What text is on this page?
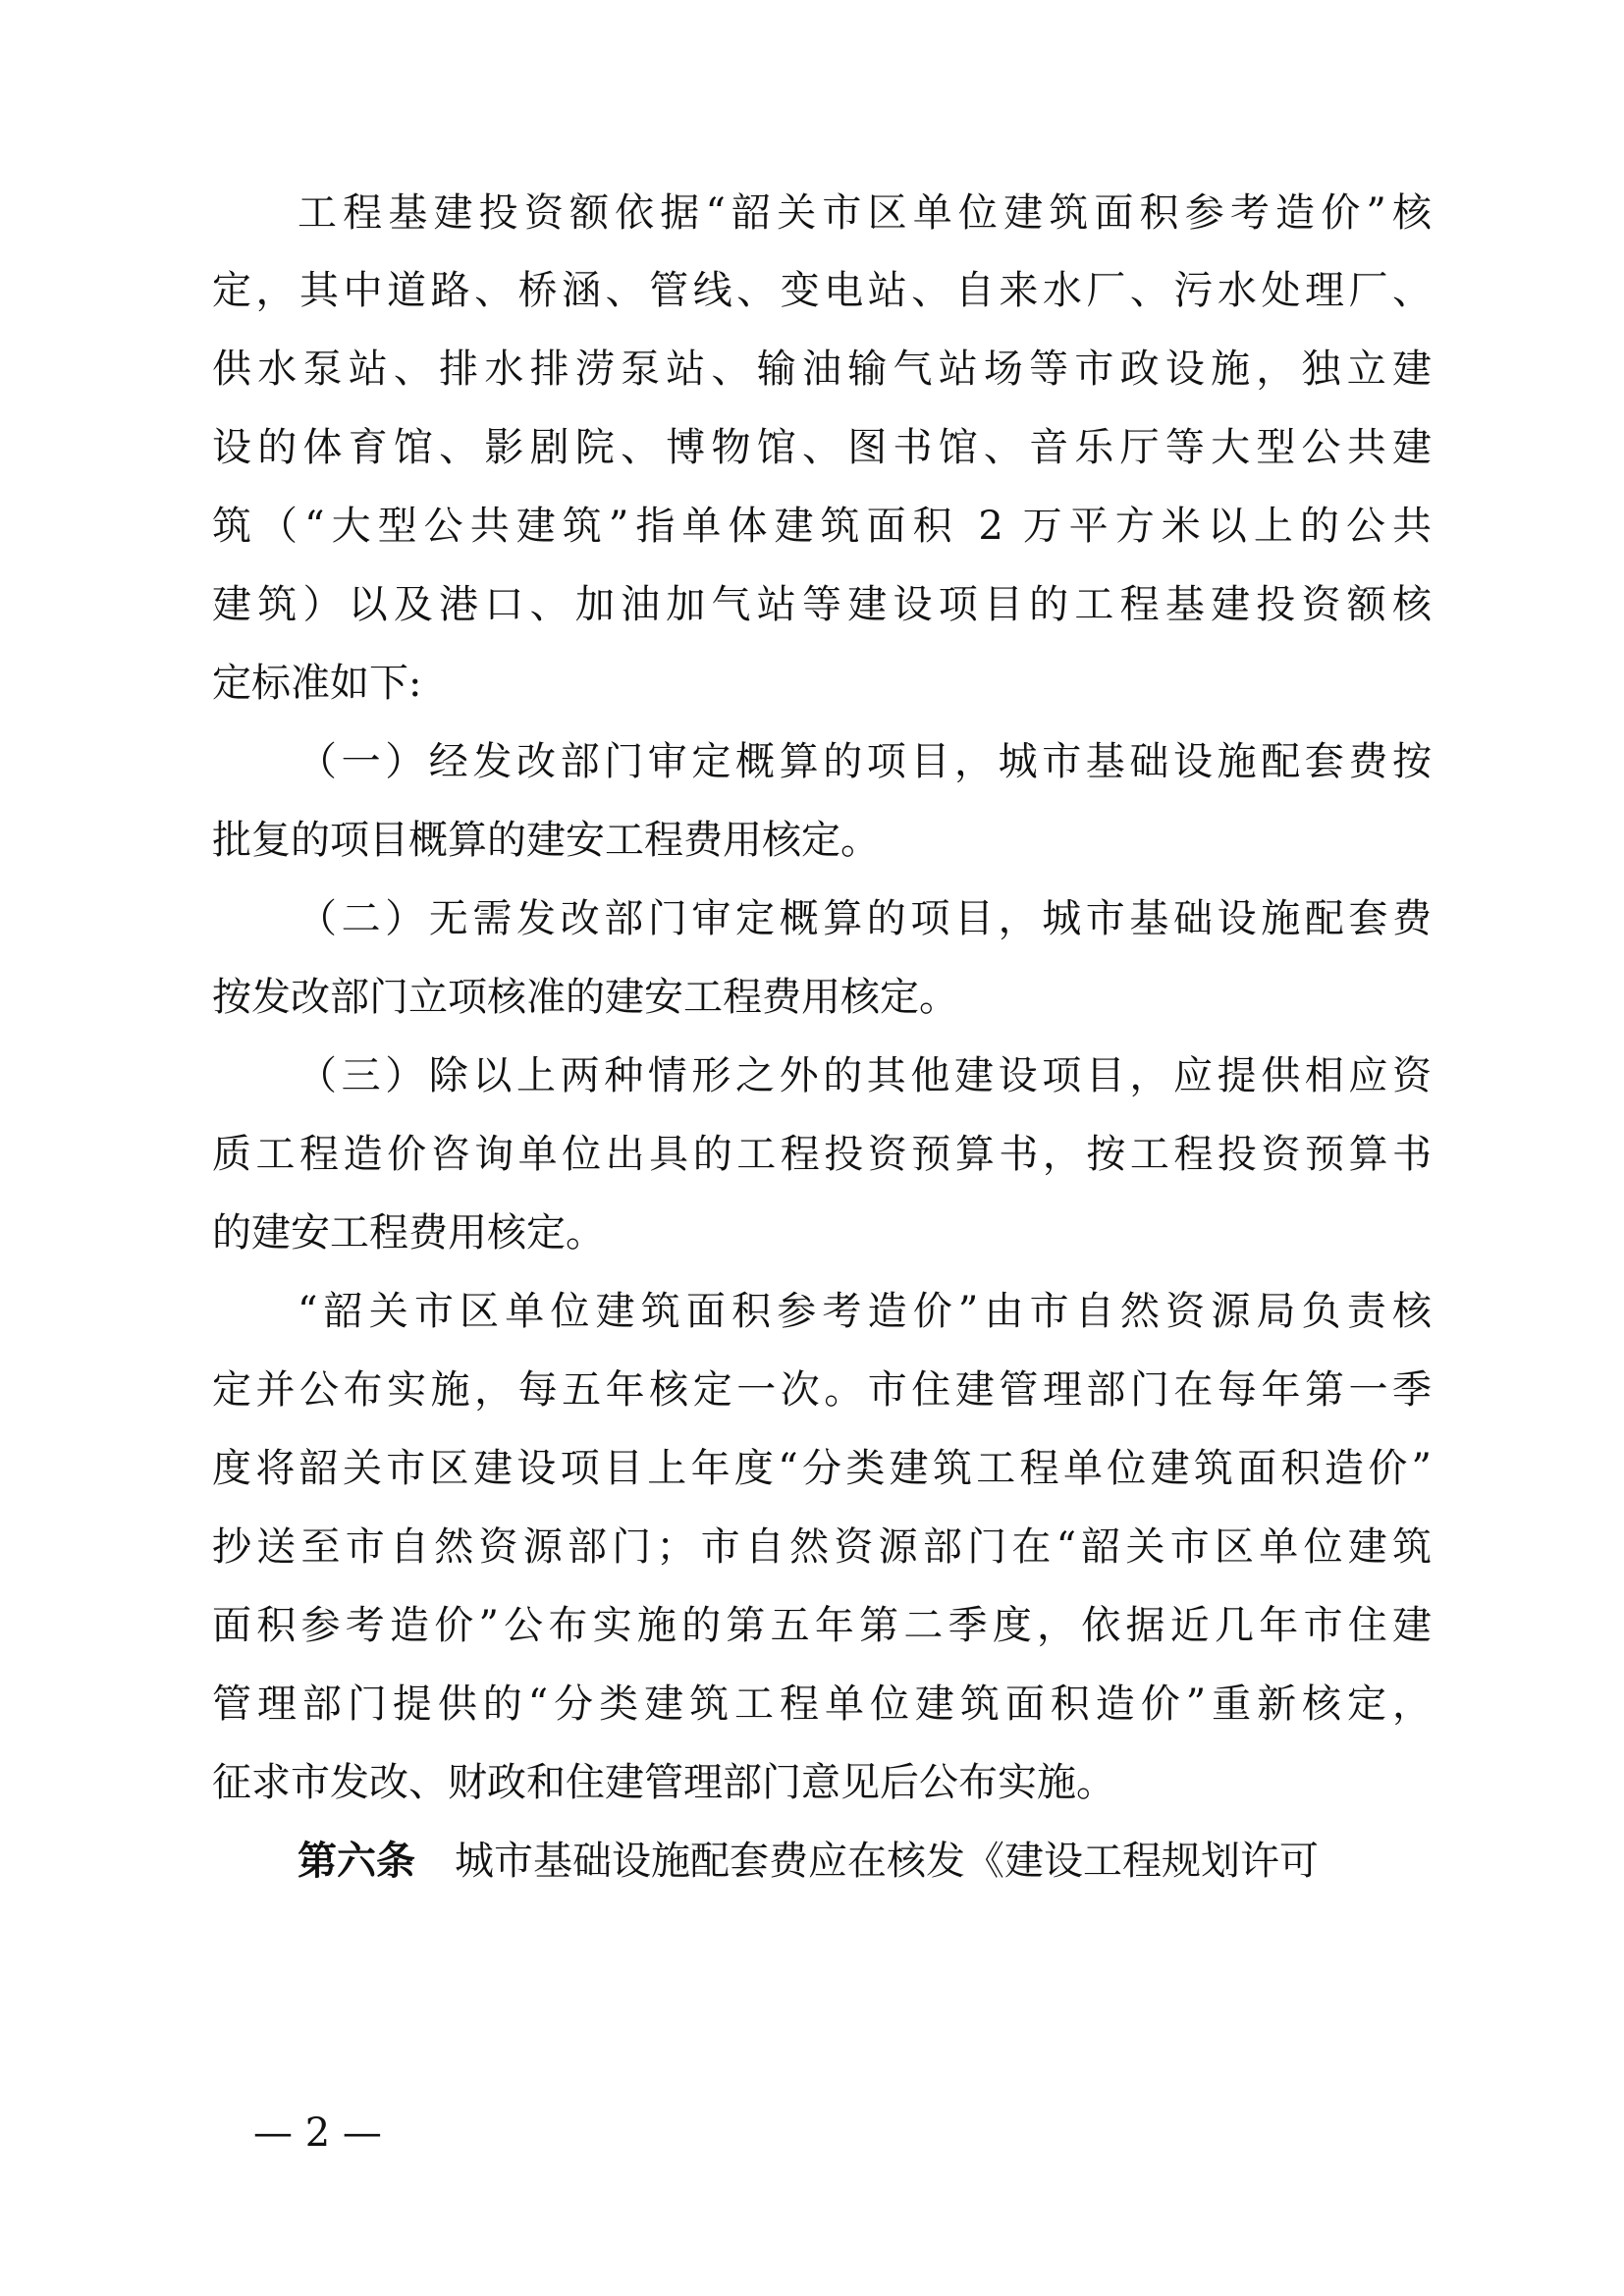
工程基建投资额依据“韶关市区单位建筑面积参考造价”核
定，其中道路、桥涵、管线、变电站、自来水厂、污水处理厂、
供水泵站、排水排涝泵站、输油输气站场等市政设施，独立建
设的体育馆、影剧院、博物馆、图书馆、音乐厅等大型公共建
筑（“大型公共建筑”指单体建筑面积 2 万平方米以上的公共
建筑）以及港口、加油加气站等建设项目的工程基建投资额核
定标准如下:
（一）经发改部门审定概算的项目，城市基础设施配套费按
批复的项目概算的建安工程费用核定。
（二）无需发改部门审定概算的项目，城市基础设施配套费
按发改部门立项核准的建安工程费用核定。
（三）除以上两种情形之外的其他建设项目，应提供相应资
质工程造价咨询单位出具的工程投资预算书，按工程投资预算书
的建安工程费用核定。
“韶关市区单位建筑面积参考造价”由市自然资源局负责核
定并公布实施，每五年核定一次。市住建管理部门在每年第一季
度将韶关市区建设项目上年度“分类建筑工程单位建筑面积造价”
抄送至市自然资源部门；市自然资源部门在“韶关市区单位建筑
面积参考造价”公布实施的第五年第二季度，依据近几年市住建
管理部门提供的“分类建筑工程单位建筑面积造价”重新核定，
征求市发改、财政和住建管理部门意见后公布实施。
第六条 城市基础设施配套费应在核发《建设工程规划许可
— 2 —
